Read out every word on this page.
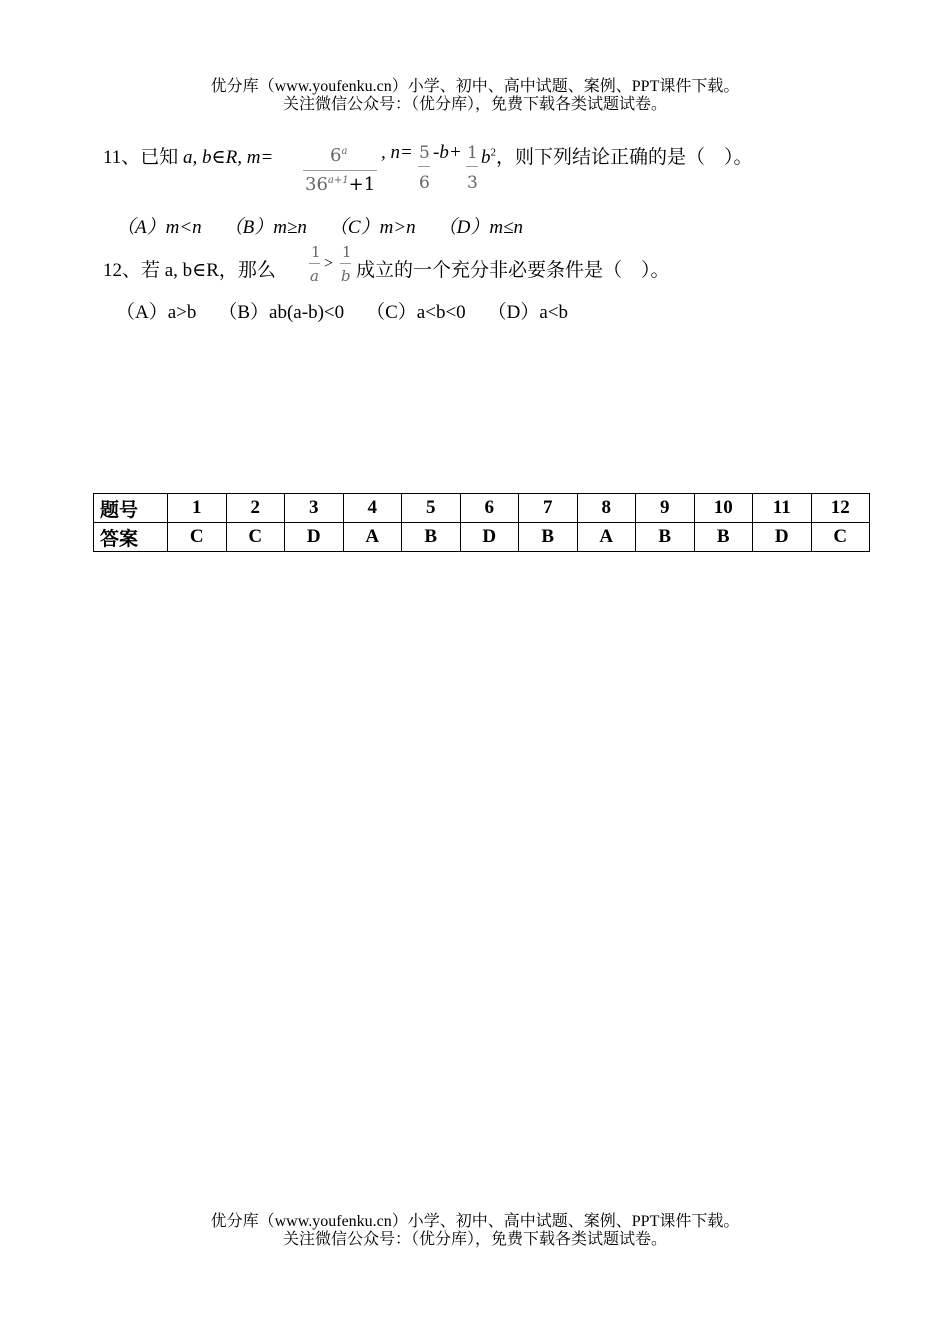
优分库（www.youfenku.cn）小学、初中、高中试题、案例、PPT课件下载。
关注微信公众号：（优分库），免费下载各类试题试卷。
11、已知 a, b∈R, m=	$6^a$
$36^{a+1}+1$
, n= 5
6
-b+ 1
3
$b^2$，则下列结论正确的是（　）。
（A）m<n （B）m≥n （C）m>n （D）m≤n
12、若 a, b∈R，那么
1
a
>
1
b 成立的一个充分非必要条件是（　）。
（A）a>b （B）ab(a-b)<0 （C）a<b<0 （D）a<b
题号	1	2	3	4	5	6	7	8	9	10	11	12
答案	C	C	D	A	B	D	B	A	B	B	D	C
优分库（www.youfenku.cn）小学、初中、高中试题、案例、PPT课件下载。
关注微信公众号：（优分库），免费下载各类试题试卷。
